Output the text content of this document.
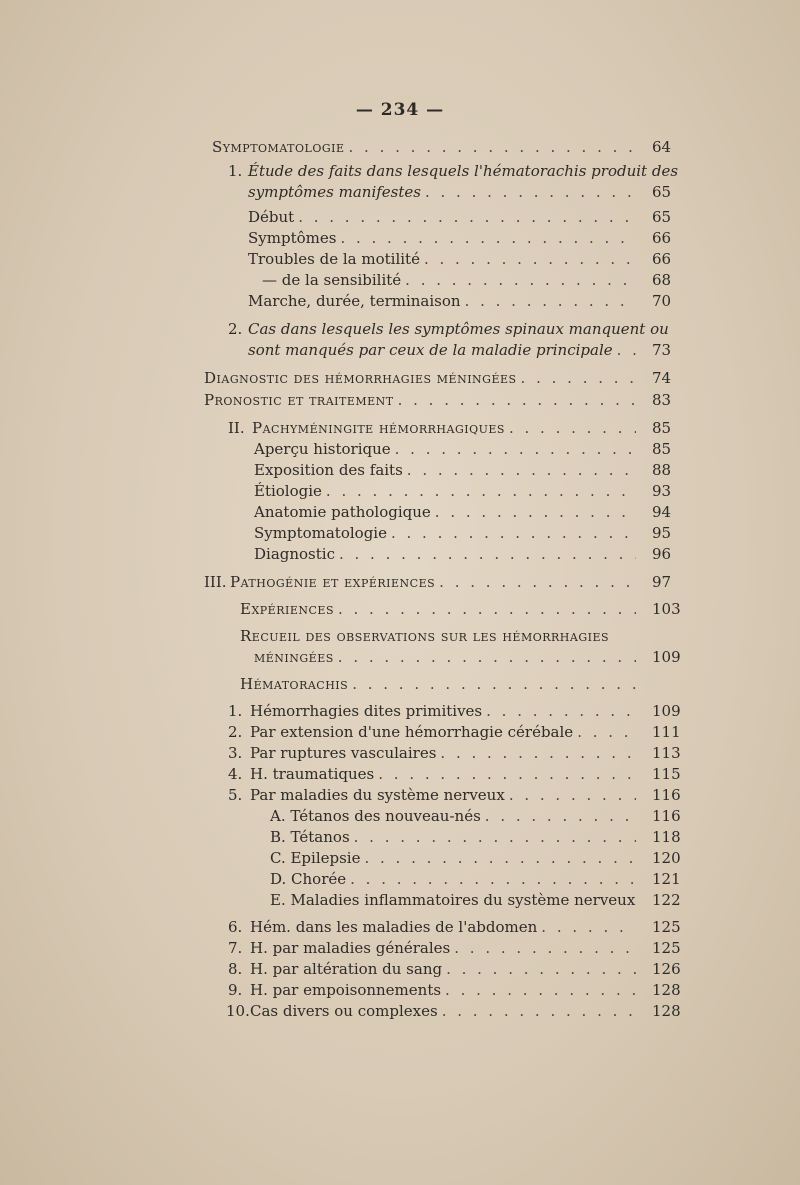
— 234 —
Symptomatologie . . .	64
1. Étude des faits dans lesquels l'hématorachis produit des
symptômes manifestes . . .	65
Début . . .	65
Symptômes . . .	66
Troubles de la motilité . . .	66
— de la sensibilité . . .	68
Marche, durée, terminaison . . .	70
2. Cas dans lesquels les symptômes spinaux manquent ou
sont manqués par ceux de la maladie principale . . .	73
Diagnostic des hémorrhagies méningées . . .	74
Pronostic et traitement . . .	83
II. Pachyméningite hémorrhagiques . . .	85
Aperçu historique . . .	85
Exposition des faits . . .	88
Étiologie . . .	93
Anatomie pathologique . . .	94
Symptomatologie . . .	95
Diagnostic . . .	96
III. Pathogénie et expériences . . .	97
Expériences . . .	103
Recueil des observations sur les hémorrhagies
méningées . . .	109
Hématorachis
. . .
1. Hémorrhagies dites primitives . . .	109
2. Par extension d'une hémorrhagie cérébale . . .	111
3. Par ruptures vasculaires . . .	113
4. H. traumatiques . . .	115
5. Par maladies du système nerveux . . .	116
A. Tétanos des nouveau-nés . . .	116
B. Tétanos . . .	118
C. Epilepsie . . .	120
D. Chorée . . .	121
E. Maladies inflammatoires du système nerveux 122
6. Hém. dans les maladies de l'abdomen . . .	125
7. H. par maladies générales . . .	125
8. H. par altération du sang . . .	126
9. H. par empoisonnements . . .	128
10. Cas divers ou complexes . . .	128
